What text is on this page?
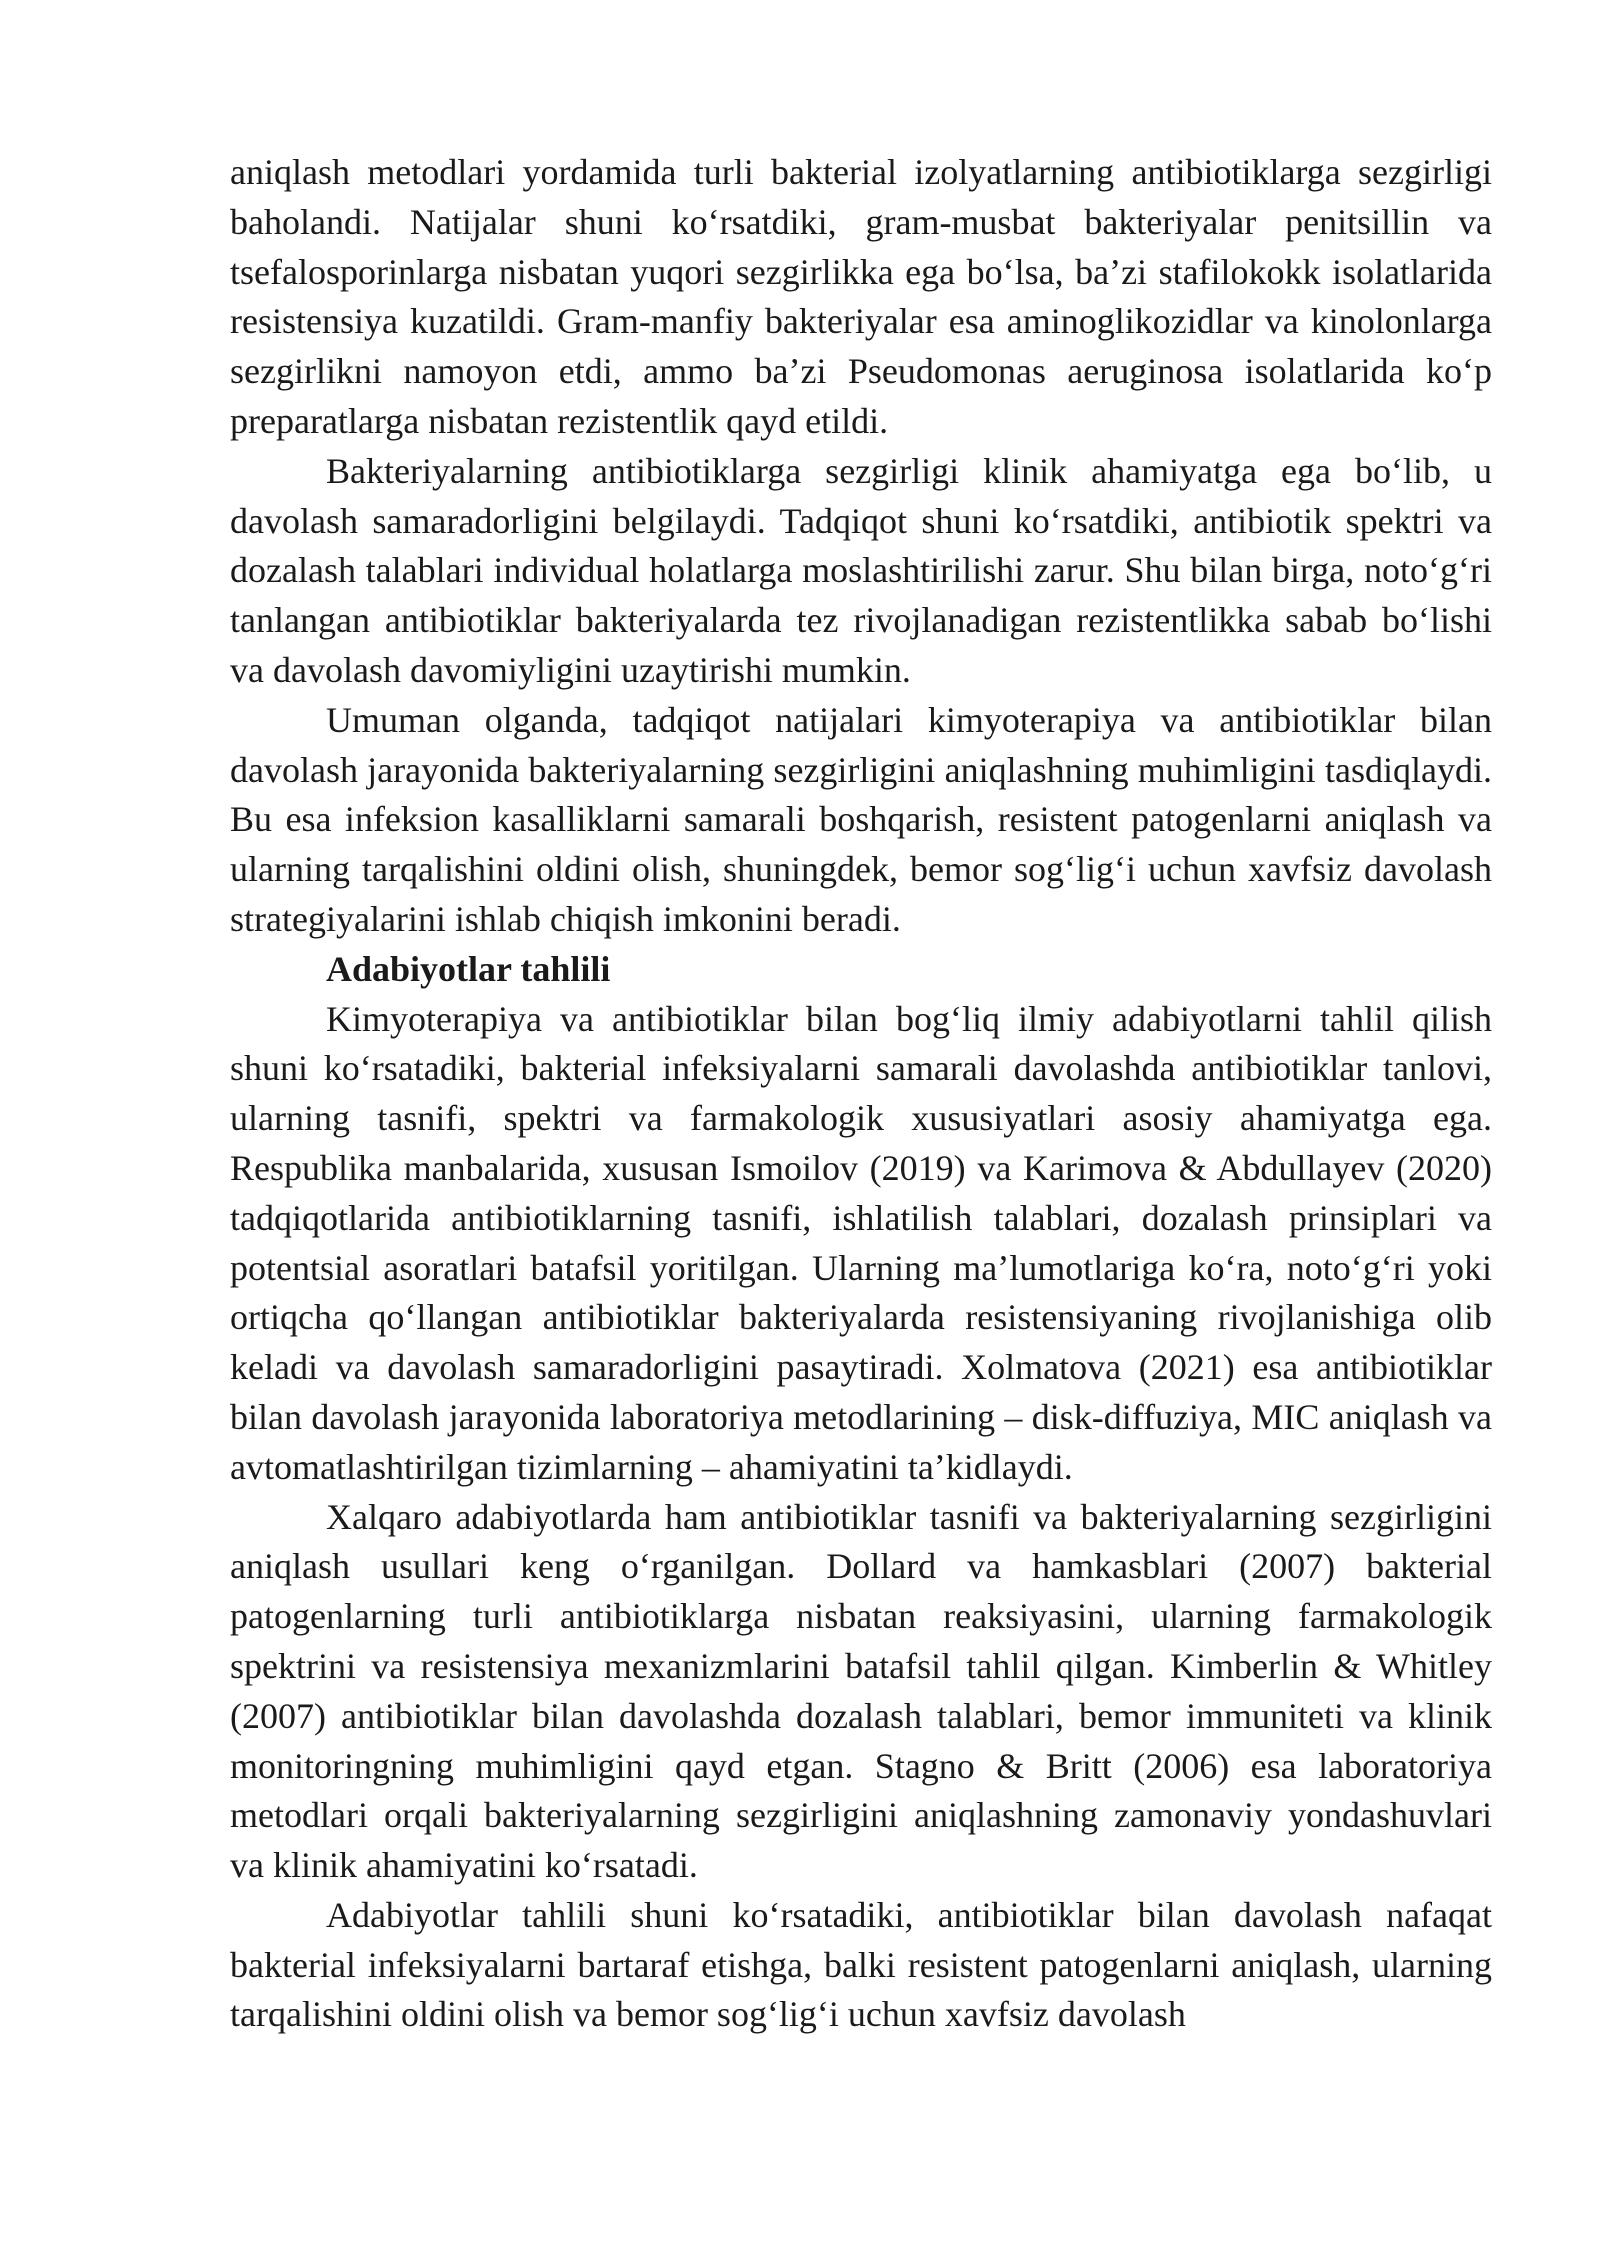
aniqlash metodlari yordamida turli bakterial izolyatlarning antibiotiklarga sezgirligi baholandi. Natijalar shuni koʻrsatdiki, gram-musbat bakteriyalar penitsillin va tsefalosporinlarga nisbatan yuqori sezgirlikka ega boʻlsa, baʼzi stafilokokk isolatlarida resistensiya kuzatildi. Gram-manfiy bakteriyalar esa aminoglikozidlar va kinolonlarga sezgirlikni namoyon etdi, ammo baʼzi Pseudomonas aeruginosa isolatlarida koʻp preparatlarga nisbatan rezistentlik qayd etildi.

Bakteriyalarning antibiotiklarga sezgirligi klinik ahamiyatga ega boʻlib, u davolash samaradorligini belgilaydi. Tadqiqot shuni koʻrsatdiki, antibiotik spektri va dozalash talablari individual holatlarga moslashtirilishi zarur. Shu bilan birga, notoʻgʻri tanlangan antibiotiklar bakteriyalarda tez rivojlanadigan rezistentlikka sabab boʻlishi va davolash davomiyligini uzaytirishi mumkin.

Umuman olganda, tadqiqot natijalari kimyoterapiya va antibiotiklar bilan davolash jarayonida bakteriyalarning sezgirligini aniqlashning muhimligini tasdiqlaydi. Bu esa infeksion kasalliklarni samarali boshqarish, resistent patogenlarni aniqlash va ularning tarqalishini oldini olish, shuningdek, bemor sogʻligʻi uchun xavfsiz davolash strategiyalarini ishlab chiqish imkonini beradi.

Adabiyotlar tahlili

Kimyoterapiya va antibiotiklar bilan bogʻliq ilmiy adabiyotlarni tahlil qilish shuni koʻrsatadiki, bakterial infeksiyalarni samarali davolashda antibiotiklar tanlovi, ularning tasnifi, spektri va farmakologik xususiyatlari asosiy ahamiyatga ega. Respublika manbalarida, xususan Ismoilov (2019) va Karimova & Abdullayev (2020) tadqiqotlarida antibiotiklarning tasnifi, ishlatilish talablari, dozalash prinsiplari va potentsial asoratlari batafsil yoritilgan. Ularning maʼlumotlariga koʻra, notoʻgʻri yoki ortiqcha qoʻllangan antibiotiklar bakteriyalarda resistensiyaning rivojlanishiga olib keladi va davolash samaradorligini pasaytiradi. Xolmatova (2021) esa antibiotiklar bilan davolash jarayonida laboratoriya metodlarining – disk-diffuziya, MIC aniqlash va avtomatlashtirilgan tizimlarning – ahamiyatini taʼkidlaydi.

Xalqaro adabiyotlarda ham antibiotiklar tasnifi va bakteriyalarning sezgirligini aniqlash usullari keng oʻrganilgan. Dollard va hamkasblari (2007) bakterial patogenlarning turli antibiotiklarga nisbatan reaksiyasini, ularning farmakologik spektrini va resistensiya mexanizmlarini batafsil tahlil qilgan. Kimberlin & Whitley (2007) antibiotiklar bilan davolashda dozalash talablari, bemor immuniteti va klinik monitoringning muhimligini qayd etgan. Stagno & Britt (2006) esa laboratoriya metodlari orqali bakteriyalarning sezgirligini aniqlashning zamonaviy yondashuvlari va klinik ahamiyatini koʻrsatadi.

Adabiyotlar tahlili shuni koʻrsatadiki, antibiotiklar bilan davolash nafaqat bakterial infeksiyalarni bartaraf etishga, balki resistent patogenlarni aniqlash, ularning tarqalishini oldini olish va bemor sogʻligʻi uchun xavfsiz davolash
